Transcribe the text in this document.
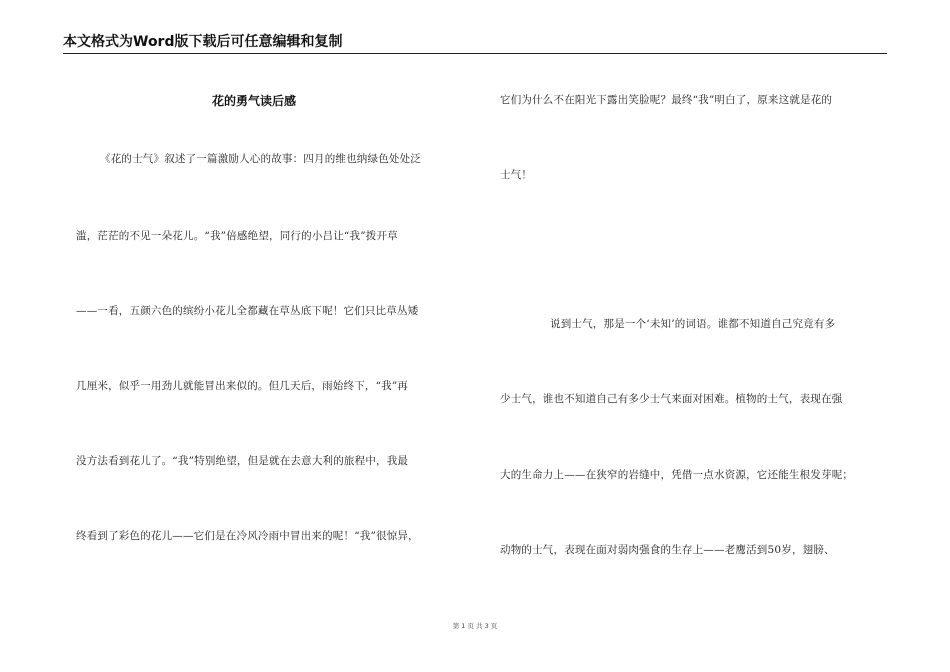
本文格式为Word版下载后可任意编辑和复制
花的勇气读后感
《花的士气》叙述了一篇激励人心的故事：四月的维也纳绿色处处泛
滥，茫茫的不见一朵花儿。“我”倍感绝望，同行的小吕让“我”拨开草
——一看，五颜六色的缤纷小花儿全都藏在草丛底下呢！它们只比草丛矮
几厘米，似乎一用劲儿就能冒出来似的。但几天后，雨始终下，“我”再
没方法看到花儿了。“我”特别绝望，但是就在去意大利的旅程中，我最
终看到了彩色的花儿——它们是在冷风冷雨中冒出来的呢！“我”很惊异，
它们为什么不在阳光下露出笑脸呢？最终“我”明白了，原来这就是花的
士气！
说到士气，那是一个‘未知’的词语。谁都不知道自己究竟有多
少士气，谁也不知道自己有多少士气来面对困难。植物的士气，表现在强
大的生命力上——在狭窄的岩缝中，凭借一点水资源，它还能生根发芽呢；
动物的士气，表现在面对弱肉强食的生存上——老鹰活到50岁，翅膀、
第 1 页 共 3 页
